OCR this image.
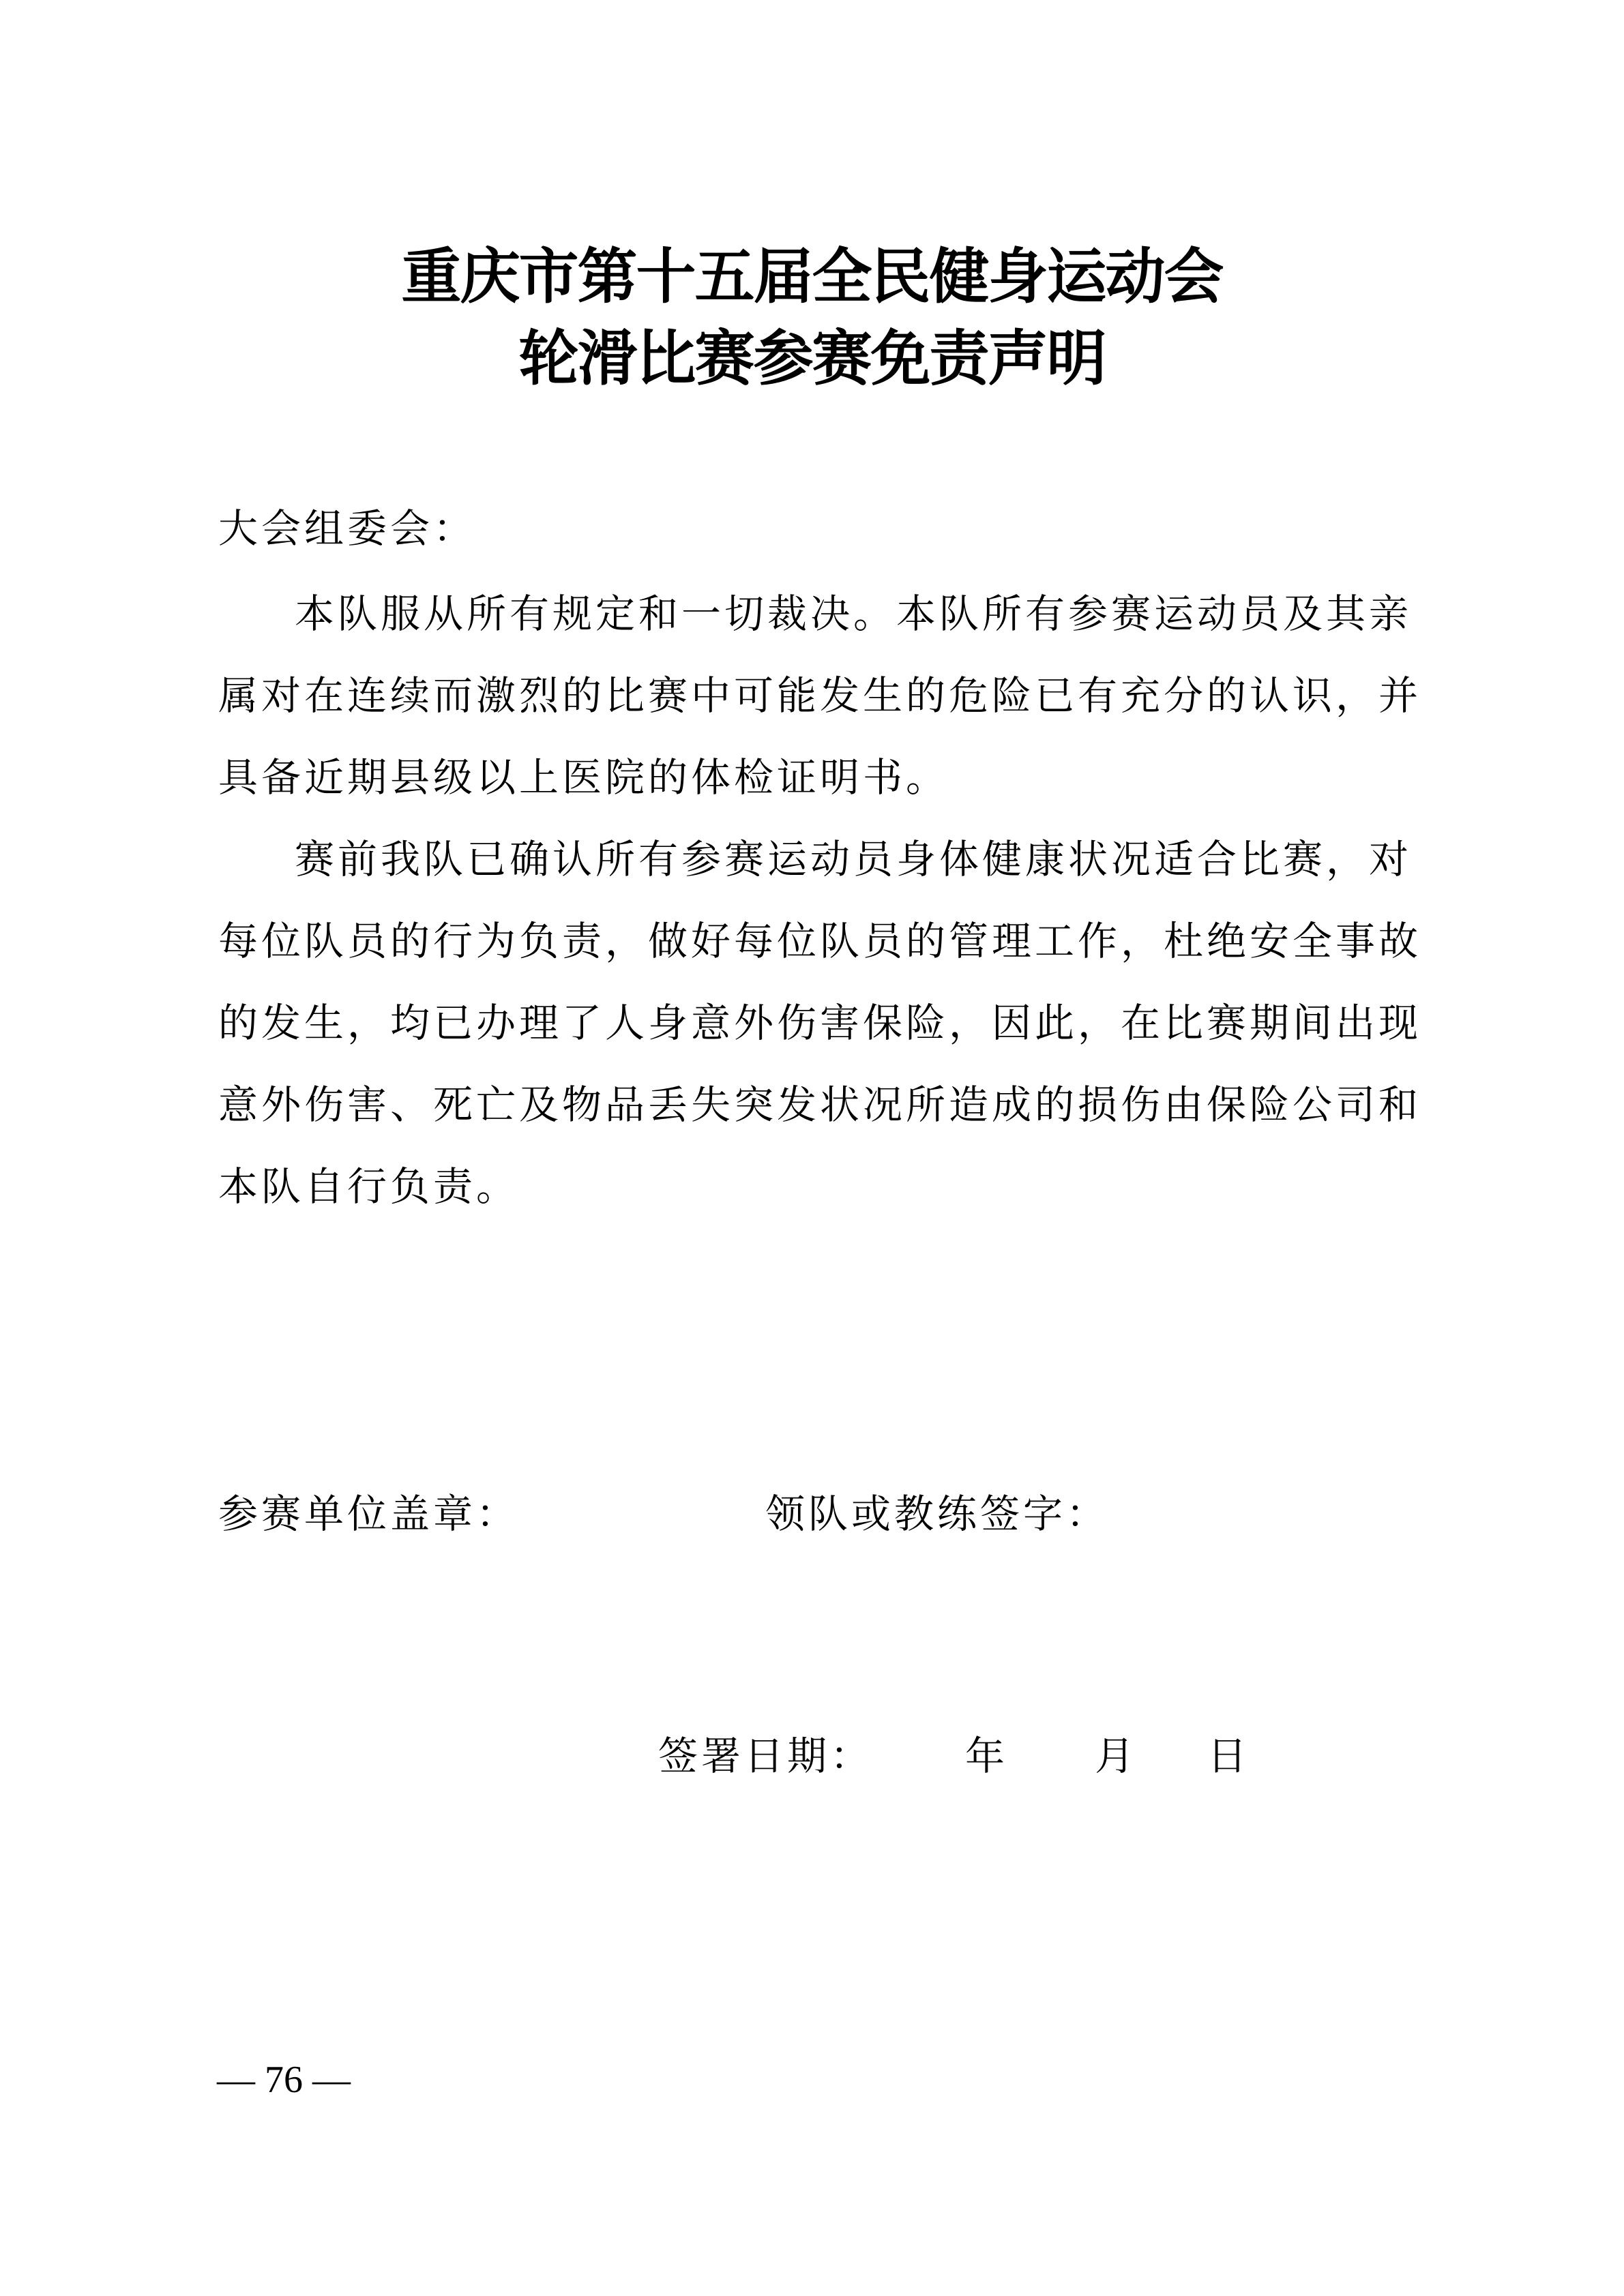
重庆市第十五届全民健身运动会
轮滑比赛参赛免责声明
大会组委会：
本队服从所有规定和一切裁决。本队所有参赛运动员及其亲
属对在连续而激烈的比赛中可能发生的危险已有充分的认识，并
具备近期县级以上医院的体检证明书。
赛前我队已确认所有参赛运动员身体健康状况适合比赛，对
每位队员的行为负责，做好每位队员的管理工作，杜绝安全事故
的发生，均已办理了人身意外伤害保险，因此，在比赛期间出现
意外伤害、死亡及物品丢失突发状况所造成的损伤由保险公司和
本队自行负责。
参赛单位盖章：	领队或教练签字：
签署日期： 年 月 日
— 76 —
